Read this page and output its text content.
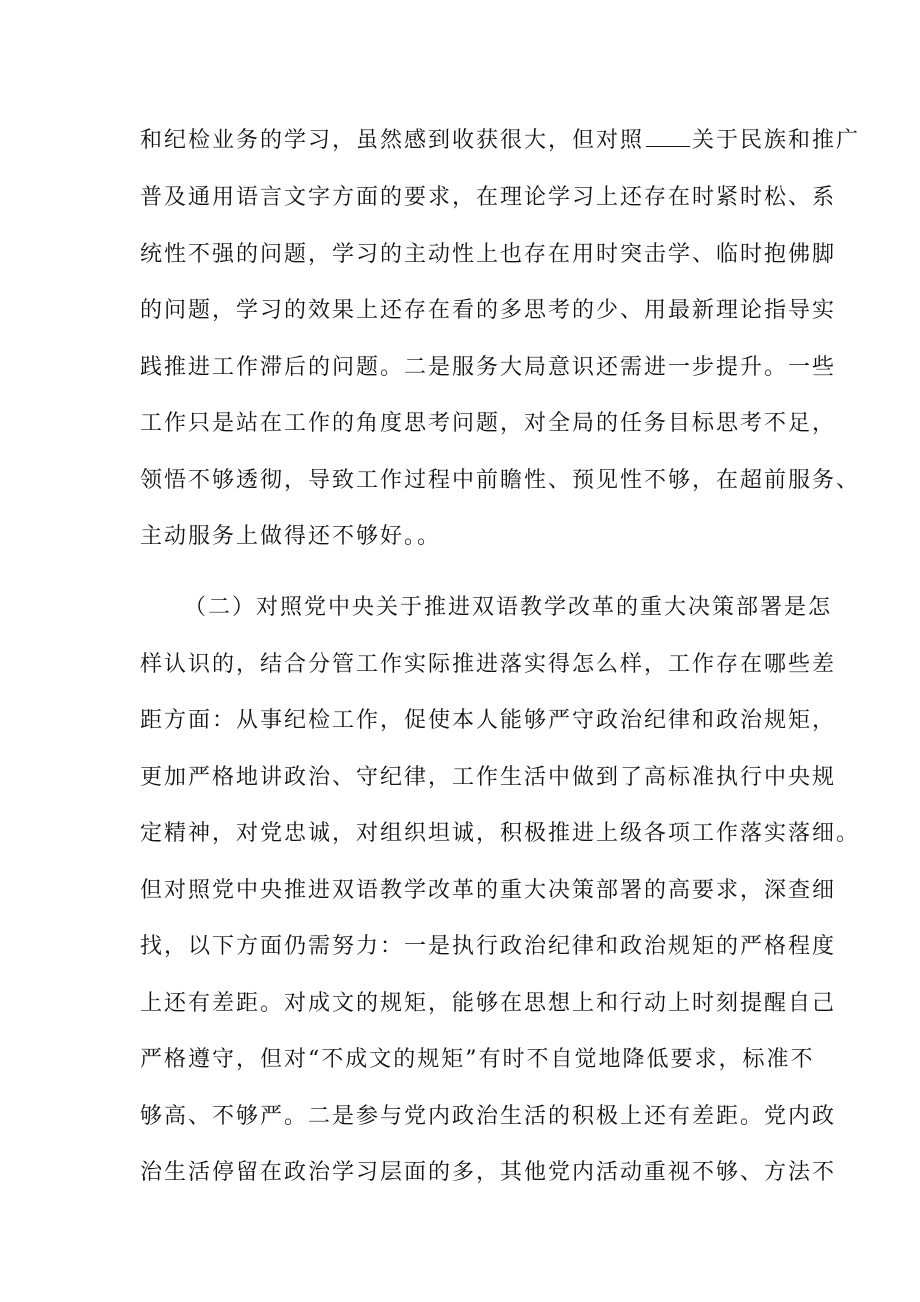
和纪检业务的学习，虽然感到收获很大，但对照 关于民族和推广
普及通用语言文字方面的要求，在理论学习上还存在时紧时松、系
统性不强的问题，学习的主动性上也存在用时突击学、临时抱佛脚
的问题，学习的效果上还存在看的多思考的少、用最新理论指导实
践推进工作滞后的问题。二是服务大局意识还需进一步提升。一些
工作只是站在工作的角度思考问题，对全局的任务目标思考不足，
领悟不够透彻，导致工作过程中前瞻性、预见性不够，在超前服务、
主动服务上做得还不够好。。
（二）对照党中央关于推进双语教学改革的重大决策部署是怎
样认识的，结合分管工作实际推进落实得怎么样，工作存在哪些差
距方面：从事纪检工作，促使本人能够严守政治纪律和政治规矩，
更加严格地讲政治、守纪律，工作生活中做到了高标准执行中央规
定精神，对党忠诚，对组织坦诚，积极推进上级各项工作落实落细。
但对照党中央推进双语教学改革的重大决策部署的高要求，深查细
找，以下方面仍需努力：一是执行政治纪律和政治规矩的严格程度
上还有差距。对成文的规矩，能够在思想上和行动上时刻提醒自己
严格遵守，但对“不成文的规矩”有时不自觉地降低要求，标准不
够高、不够严。二是参与党内政治生活的积极上还有差距。党内政
治生活停留在政治学习层面的多，其他党内活动重视不够、方法不
